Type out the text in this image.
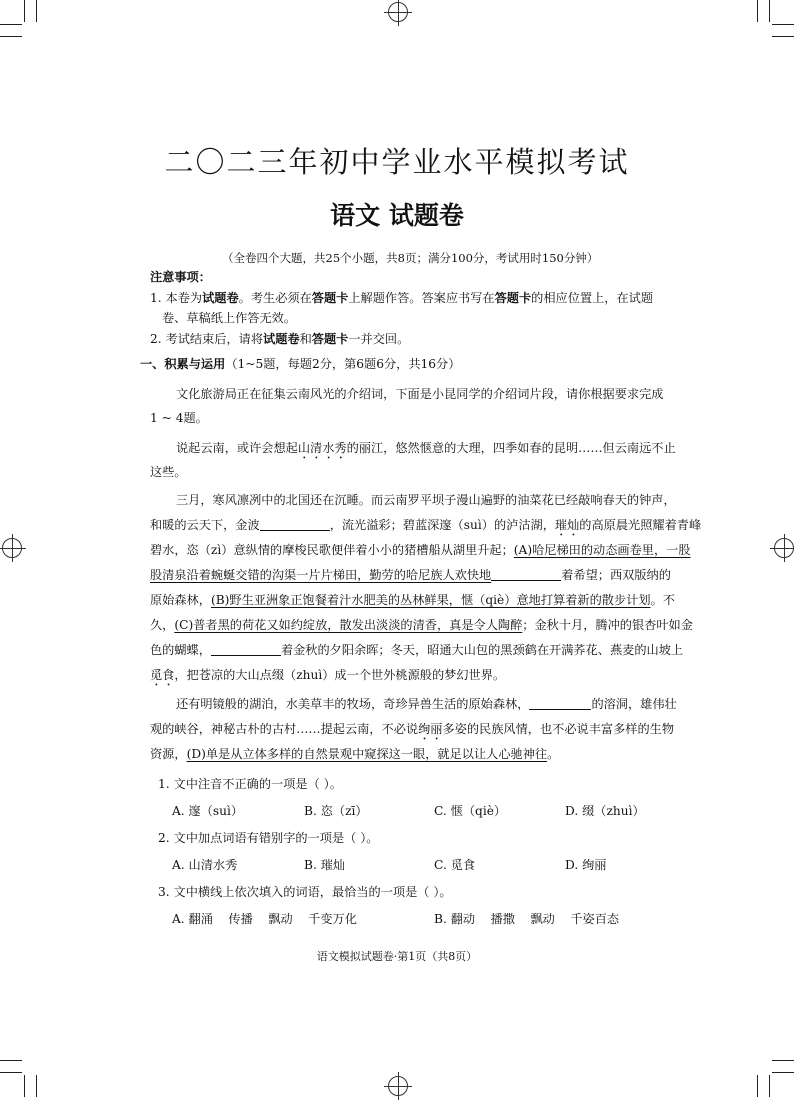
二〇二三年初中学业水平模拟考试
语文 试题卷
（全卷四个大题，共25个小题，共8页；满分100分，考试用时150分钟）
注意事项：
1. 本卷为试题卷。考生必须在答题卡上解题作答。答案应书写在答题卡的相应位置上，在试题
卷、草稿纸上作答无效。
2. 考试结束后，请将试题卷和答题卡一并交回。
一、积累与运用（1~5题，每题2分，第6题6分，共16分）
文化旅游局正在征集云南风光的介绍词，下面是小昆同学的介绍词片段，请你根据要求完成
1 ~ 4题。
说起云南，或许会想起山清水秀的丽江，悠然惬意的大理，四季如春的昆明……但云南远不止
这些。
三月，寒风凛冽中的北国还在沉睡。而云南罗平坝子漫山遍野的油菜花已经敲响春天的钟声，
和暖的云天下，金波	，流光溢彩；碧蓝深邃（suì）的泸沽湖，璀灿的高原晨光照耀着青峰
碧水，恣（zì）意纵情的摩梭民歌便伴着小小的猪槽船从湖里升起；(A)哈尼梯田的动态画卷里，一股
股清泉沿着蜿蜒交错的沟渠一片片梯田，勤劳的哈尼族人欢快地	着希望；西双版纳的
原始森林，(B)野生亚洲象正饱餐着汁水肥美的丛林鲜果，惬（qiè）意地打算着新的散步计划。不
久，(C)普者黑的荷花又如约绽放，散发出淡淡的清香，真是令人陶醉；金秋十月，腾冲的银杏叶如金
色的蝴蝶，	着金秋的夕阳余晖；冬天，昭通大山包的黑颈鹤在开满荞花、燕麦的山坡上
觅食，把苍凉的大山点缀（zhuì）成一个世外桃源般的梦幻世界。
还有明镜般的湖泊，水美草丰的牧场，奇珍异兽生活的原始森林，	的溶洞，雄伟壮
观的峡谷，神秘古朴的古村……提起云南，不必说绚丽多姿的民族风情，也不必说丰富多样的生物
资源，(D)单是从立体多样的自然景观中窥探这一眼，就足以让人心驰神往。
1. 文中注音不正确的一项是（ ）。
A. 邃（suì）	B. 恣（zī）	C. 惬（qiè）	D. 缀（zhuì）
2. 文中加点词语有错别字的一项是（ ）。
A. 山清水秀	B. 璀灿	C. 觅食	D. 绚丽
3. 文中横线上依次填入的词语，最恰当的一项是（ ）。
A. 翻涌    传播    飘动    千变万化	B. 翻动    播撒    飘动    千姿百态
语文模拟试题卷·第1页（共8页）
